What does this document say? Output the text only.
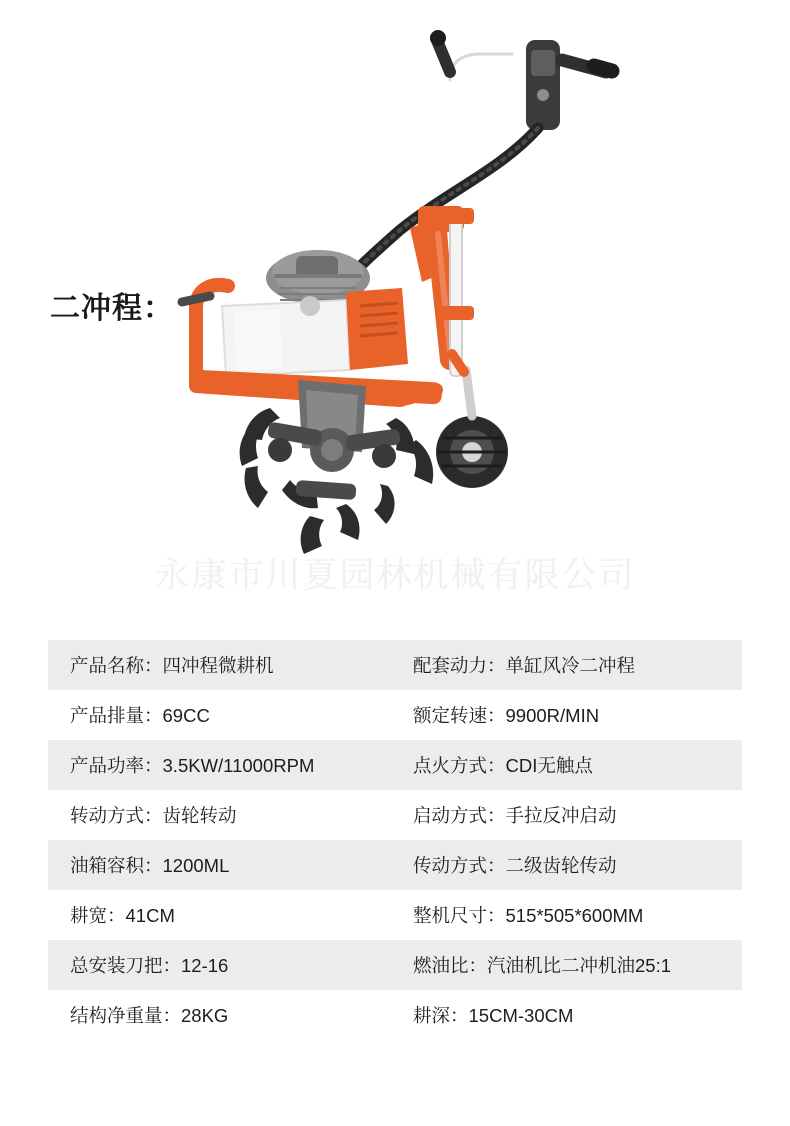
二冲程：
永康市川夏园林机械有限公司
产品名称：四冲程微耕机	配套动力：单缸风冷二冲程
产品排量：69CC	额定转速：9900R/MIN
产品功率：3.5KW/11000RPM	点火方式：CDI无触点
转动方式：齿轮转动	启动方式：手拉反冲启动
油箱容积：1200ML	传动方式：二级齿轮传动
耕宽：41CM	整机尺寸：515*505*600MM
总安装刀把：12-16	燃油比：汽油机比二冲机油25:1
结构净重量：28KG	耕深：15CM-30CM
